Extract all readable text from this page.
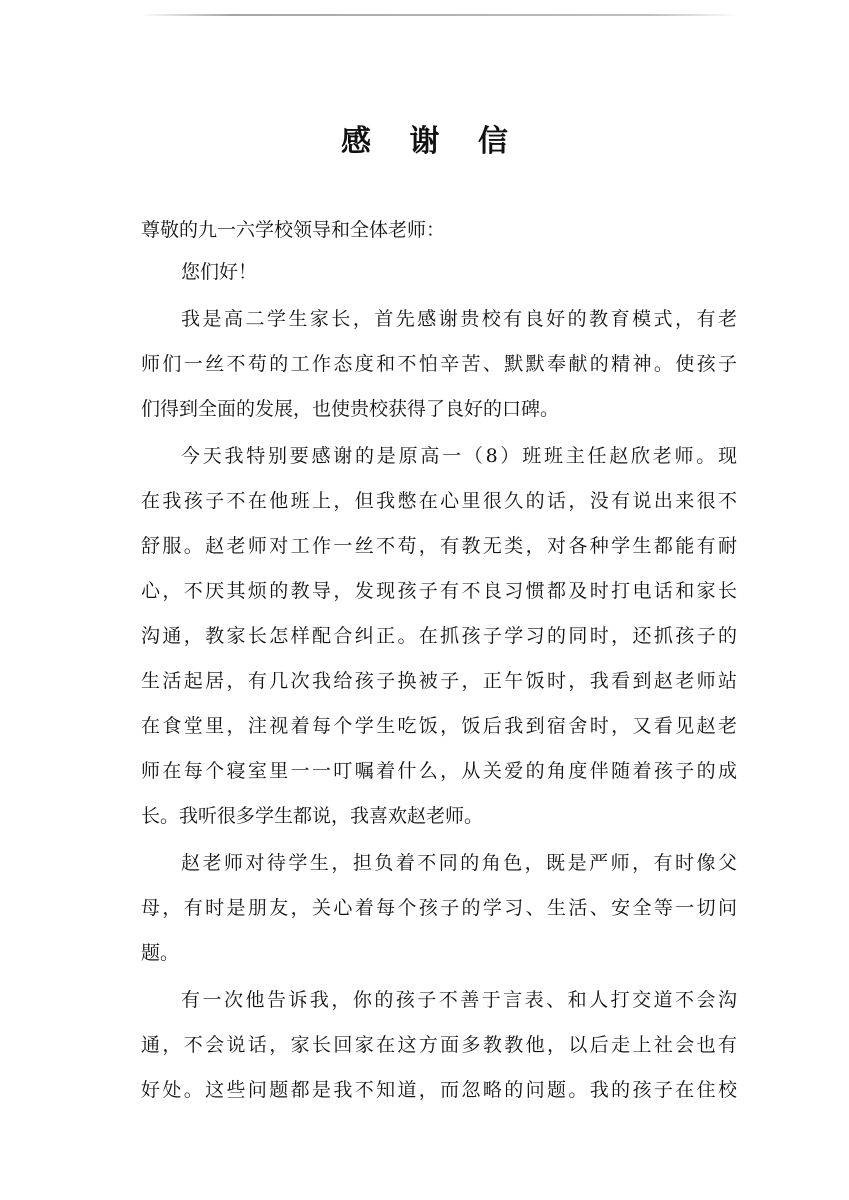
感 谢 信
尊敬的九一六学校领导和全体老师：
您们好！
我是高二学生家长，首先感谢贵校有良好的教育模式，有老
师们一丝不苟的工作态度和不怕辛苦、默默奉献的精神。使孩子
们得到全面的发展，也使贵校获得了良好的口碑。
今天我特别要感谢的是原高一（8）班班主任赵欣老师。现
在我孩子不在他班上，但我憋在心里很久的话，没有说出来很不
舒服。赵老师对工作一丝不苟，有教无类，对各种学生都能有耐
心，不厌其烦的教导，发现孩子有不良习惯都及时打电话和家长
沟通，教家长怎样配合纠正。在抓孩子学习的同时，还抓孩子的
生活起居，有几次我给孩子换被子，正午饭时，我看到赵老师站
在食堂里，注视着每个学生吃饭，饭后我到宿舍时，又看见赵老
师在每个寝室里一一叮嘱着什么，从关爱的角度伴随着孩子的成
长。我听很多学生都说，我喜欢赵老师。
赵老师对待学生，担负着不同的角色，既是严师，有时像父
母，有时是朋友，关心着每个孩子的学习、生活、安全等一切问
题。
有一次他告诉我，你的孩子不善于言表、和人打交道不会沟
通，不会说话，家长回家在这方面多教教他，以后走上社会也有
好处。这些问题都是我不知道，而忽略的问题。我的孩子在住校
